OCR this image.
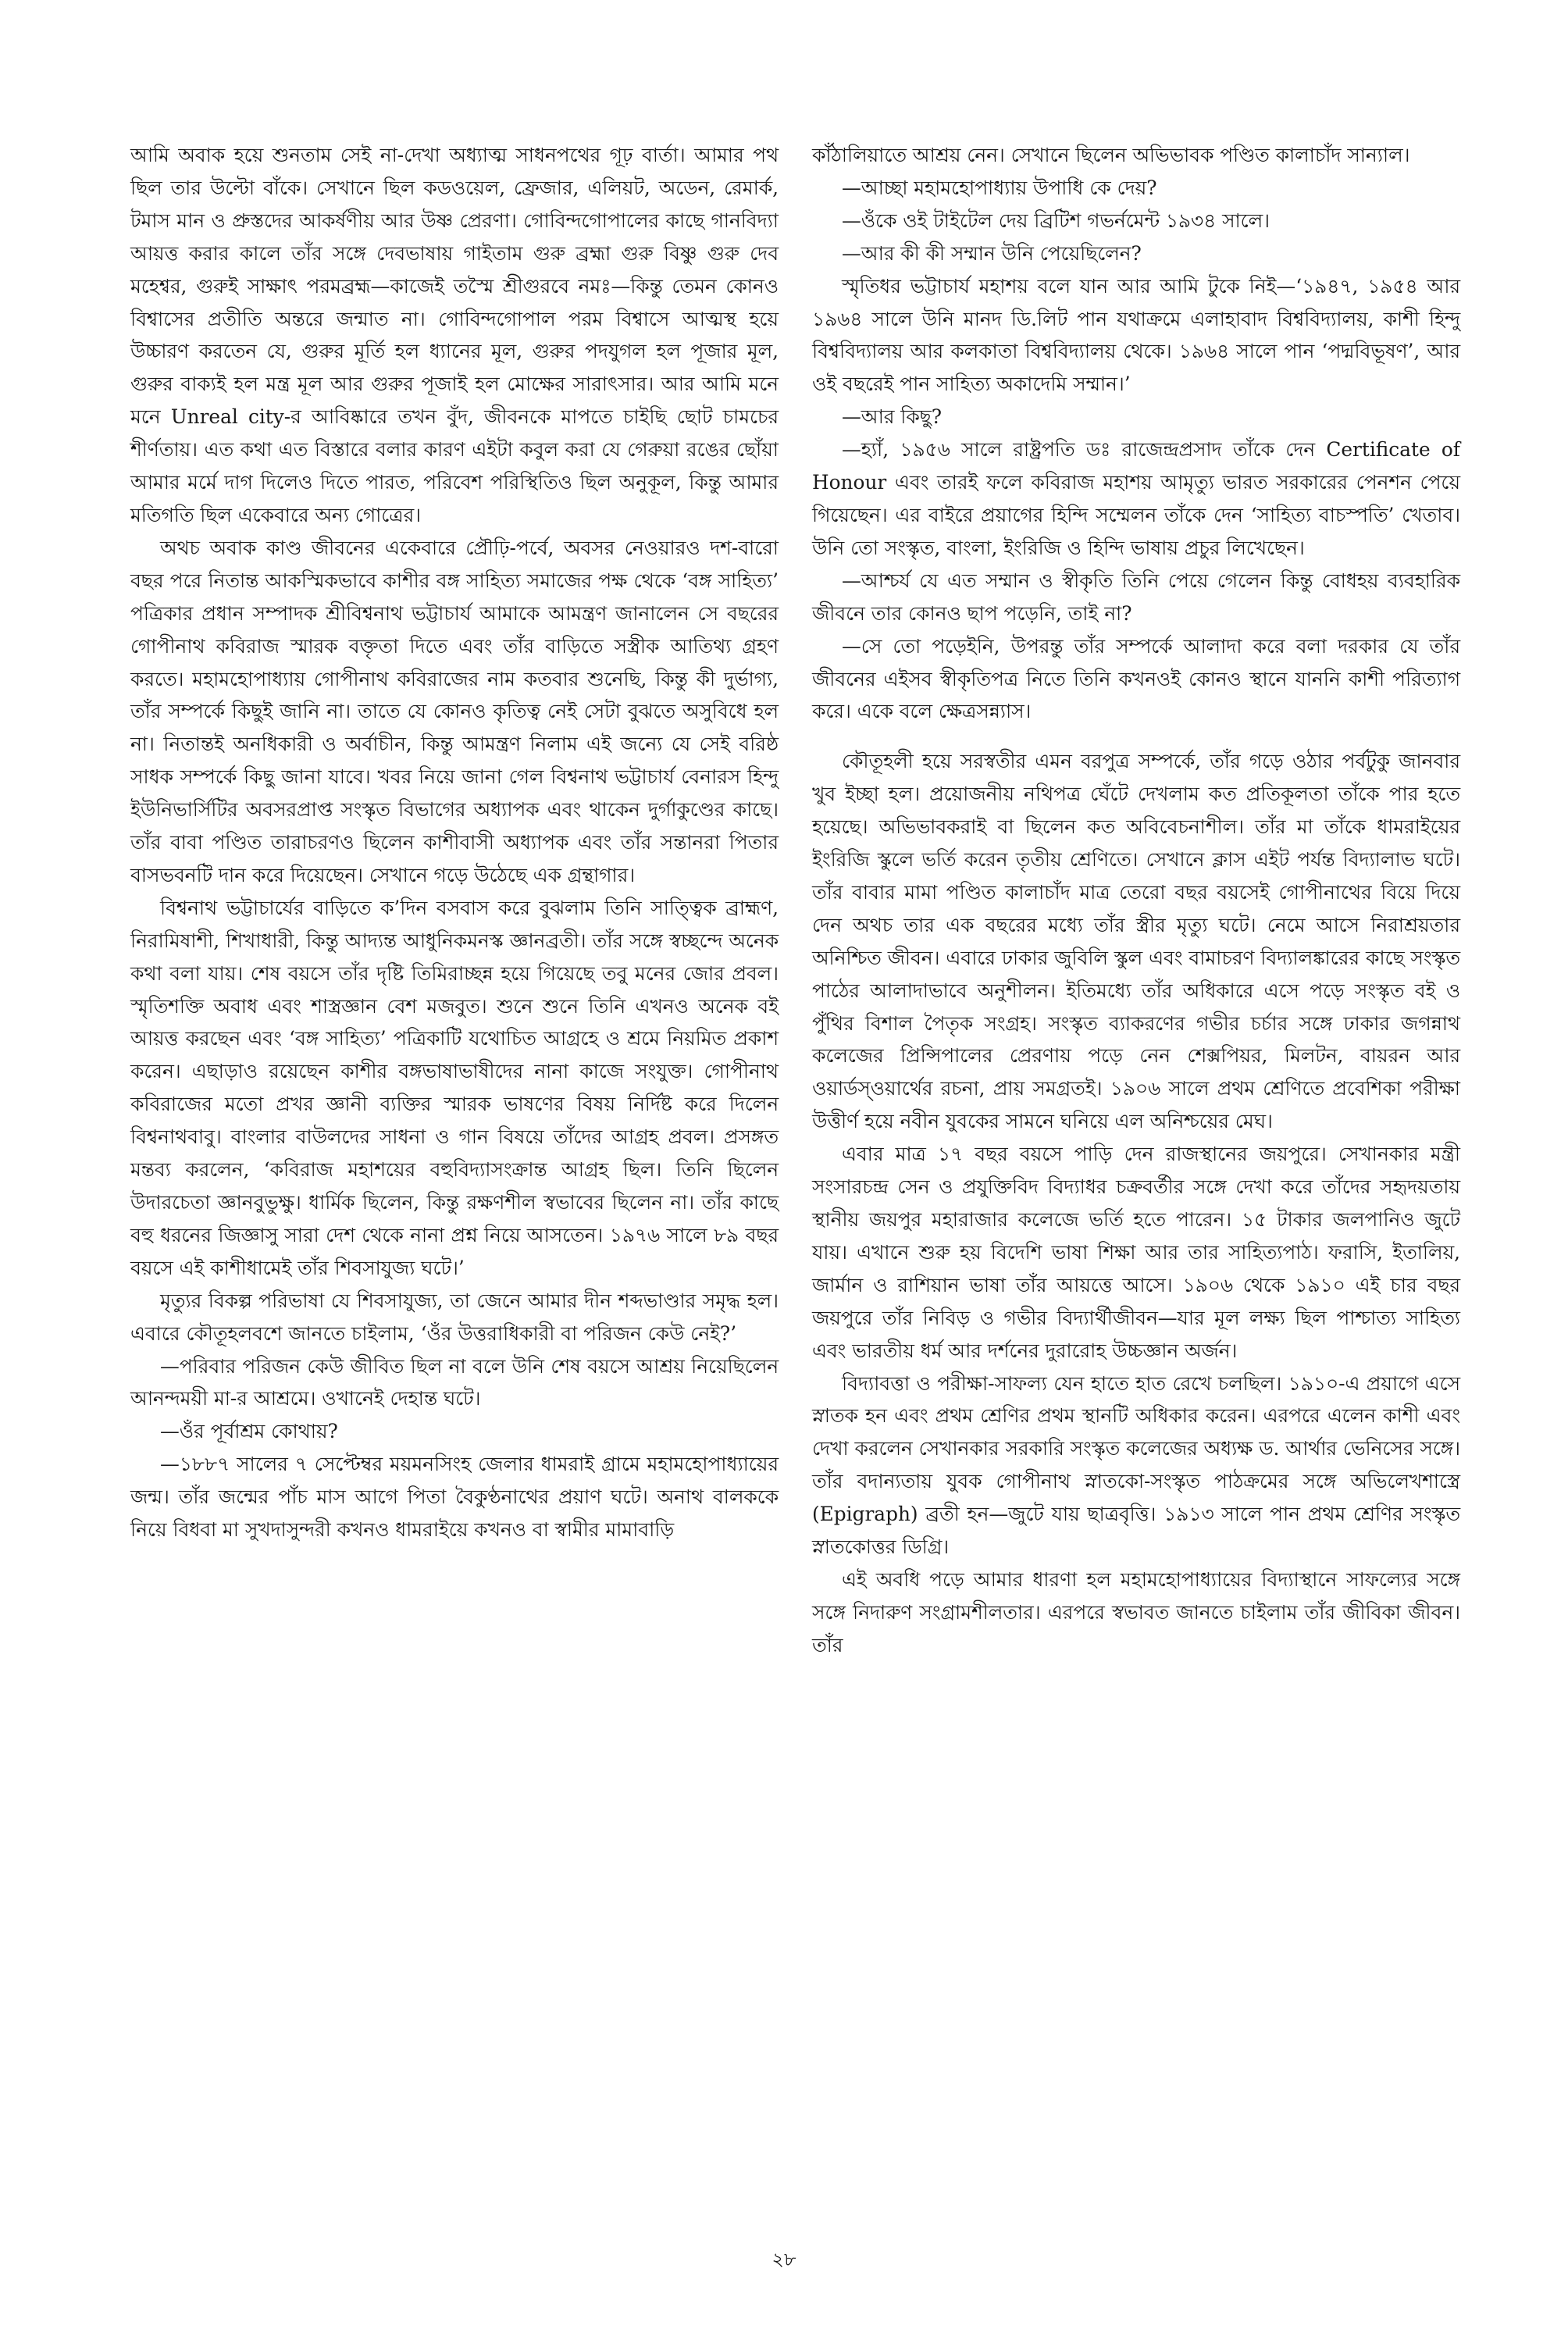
আমি অবাক হয়ে শুনতাম সেই না-দেখা অধ্যাত্ম সাধনপথের গূঢ় বার্তা। আমার পথ ছিল তার উল্টো বাঁকে। সেখানে ছিল কডওয়েল, ফ্রেজার, এলিয়ট, অডেন, রেমার্ক, টমাস মান ও প্রুস্তদের আকর্ষণীয় আর উষ্ণ প্রেরণা। গোবিন্দগোপালের কাছে গানবিদ্যা আয়ত্ত করার কালে তাঁর সঙ্গে দেবভাষায় গাইতাম গুরু ব্রহ্মা গুরু বিষ্ণু গুরু দেব মহেশ্বর, গুরুই সাক্ষাৎ পরমব্রহ্ম—কাজেই তস্মৈ শ্রীগুরবে নমঃ—কিন্তু তেমন কোনও বিশ্বাসের প্রতীতি অন্তরে জন্মাত না। গোবিন্দগোপাল পরম বিশ্বাসে আত্মস্থ হয়ে উচ্চারণ করতেন যে, গুরুর মূর্তি হল ধ্যানের মূল, গুরুর পদযুগল হল পূজার মূল, গুরুর বাক্যই হল মন্ত্র মূল আর গুরুর পূজাই হল মোক্ষের সারাৎসার। আর আমি মনে মনে Unreal city-র আবিষ্কারে তখন বুঁদ, জীবনকে মাপতে চাইছি ছোট চামচের শীর্ণতায়। এত কথা এত বিস্তারে বলার কারণ এইটা কবুল করা যে গেরুয়া রঙের ছোঁয়া আমার মর্মে দাগ দিলেও দিতে পারত, পরিবেশ পরিস্থিতিও ছিল অনুকূল, কিন্তু আমার মতিগতি ছিল একেবারে অন্য গোত্রের।

অথচ অবাক কাণ্ড জীবনের একেবারে প্রৌঢ়ি-পর্বে, অবসর নেওয়ারও দশ-বারো বছর পরে নিতান্ত আকস্মিকভাবে কাশীর বঙ্গ সাহিত্য সমাজের পক্ষ থেকে ‘বঙ্গ সাহিত্য’ পত্রিকার প্রধান সম্পাদক শ্রীবিশ্বনাথ ভট্টাচার্য আমাকে আমন্ত্রণ জানালেন সে বছরের গোপীনাথ কবিরাজ স্মারক বক্তৃতা দিতে এবং তাঁর বাড়িতে সস্ত্রীক আতিথ্য গ্রহণ করতে। মহামহোপাধ্যায় গোপীনাথ কবিরাজের নাম কতবার শুনেছি, কিন্তু কী দুর্ভাগ্য, তাঁর সম্পর্কে কিছুই জানি না। তাতে যে কোনও কৃতিত্ব নেই সেটা বুঝতে অসুবিধে হল না। নিতান্তই অনধিকারী ও অর্বাচীন, কিন্তু আমন্ত্রণ নিলাম এই জন্যে যে সেই বরিষ্ঠ সাধক সম্পর্কে কিছু জানা যাবে। খবর নিয়ে জানা গেল বিশ্বনাথ ভট্টাচার্য বেনারস হিন্দু ইউনিভার্সিটির অবসরপ্রাপ্ত সংস্কৃত বিভাগের অধ্যাপক এবং থাকেন দুর্গাকুণ্ডের কাছে। তাঁর বাবা পণ্ডিত তারাচরণও ছিলেন কাশীবাসী অধ্যাপক এবং তাঁর সন্তানরা পিতার বাসভবনটি দান করে দিয়েছেন। সেখানে গড়ে উঠেছে এক গ্রন্থাগার।

বিশ্বনাথ ভট্টাচার্যের বাড়িতে ক’দিন বসবাস করে বুঝলাম তিনি সাত্ত্বিক ব্রাহ্মণ, নিরামিষাশী, শিখাধারী, কিন্তু আদ্যন্ত আধুনিকমনস্ক জ্ঞানব্রতী। তাঁর সঙ্গে স্বচ্ছন্দে অনেক কথা বলা যায়। শেষ বয়সে তাঁর দৃষ্টি তিমিরাচ্ছন্ন হয়ে গিয়েছে তবু মনের জোর প্রবল। স্মৃতিশক্তি অবাধ এবং শাস্ত্রজ্ঞান বেশ মজবুত। শুনে শুনে তিনি এখনও অনেক বই আয়ত্ত করছেন এবং ‘বঙ্গ সাহিত্য’ পত্রিকাটি যথোচিত আগ্রহে ও শ্রমে নিয়মিত প্রকাশ করেন। এছাড়াও রয়েছেন কাশীর বঙ্গভাষাভাষীদের নানা কাজে সংযুক্ত। গোপীনাথ কবিরাজের মতো প্রখর জ্ঞানী ব্যক্তির স্মারক ভাষণের বিষয় নির্দিষ্ট করে দিলেন বিশ্বনাথবাবু। বাংলার বাউলদের সাধনা ও গান বিষয়ে তাঁদের আগ্রহ প্রবল। প্রসঙ্গত মন্তব্য করলেন, ‘কবিরাজ মহাশয়ের বহুবিদ্যাসংক্রান্ত আগ্রহ ছিল। তিনি ছিলেন উদারচেতা জ্ঞানবুভুক্ষু। ধার্মিক ছিলেন, কিন্তু রক্ষণশীল স্বভাবের ছিলেন না। তাঁর কাছে বহু ধরনের জিজ্ঞাসু সারা দেশ থেকে নানা প্রশ্ন নিয়ে আসতেন। ১৯৭৬ সালে ৮৯ বছর বয়সে এই কাশীধামেই তাঁর শিবসাযুজ্য ঘটে।’

মৃত্যুর বিকল্প পরিভাষা যে শিবসাযুজ্য, তা জেনে আমার দীন শব্দভাণ্ডার সমৃদ্ধ হল। এবারে কৌতূহলবশে জানতে চাইলাম, ‘ওঁর উত্তরাধিকারী বা পরিজন কেউ নেই?’

—পরিবার পরিজন কেউ জীবিত ছিল না বলে উনি শেষ বয়সে আশ্রয় নিয়েছিলেন আনন্দময়ী মা-র আশ্রমে। ওখানেই দেহান্ত ঘটে।

—ওঁর পূর্বাশ্রম কোথায়?

—১৮৮৭ সালের ৭ সেপ্টেম্বর ময়মনসিংহ জেলার ধামরাই গ্রামে মহামহোপাধ্যায়ের জন্ম। তাঁর জন্মের পাঁচ মাস আগে পিতা বৈকুণ্ঠনাথের প্রয়াণ ঘটে। অনাথ বালককে নিয়ে বিধবা মা সুখদাসুন্দরী কখনও ধামরাইয়ে কখনও বা স্বামীর মামাবাড়ি

কাঁঠালিয়াতে আশ্রয় নেন। সেখানে ছিলেন অভিভাবক পণ্ডিত কালাচাঁদ সান্যাল।

—আচ্ছা মহামহোপাধ্যায় উপাধি কে দেয়?

—ওঁকে ওই টাইটেল দেয় ব্রিটিশ গভর্নমেন্ট ১৯৩৪ সালে।

—আর কী কী সম্মান উনি পেয়েছিলেন?

স্মৃতিধর ভট্টাচার্য মহাশয় বলে যান আর আমি টুকে নিই—‘১৯৪৭, ১৯৫৪ আর ১৯৬৪ সালে উনি মানদ ডি.লিট পান যথাক্রমে এলাহাবাদ বিশ্ববিদ্যালয়, কাশী হিন্দু বিশ্ববিদ্যালয় আর কলকাতা বিশ্ববিদ্যালয় থেকে। ১৯৬৪ সালে পান ‘পদ্মবিভূষণ’, আর ওই বছরেই পান সাহিত্য অকাদেমি সম্মান।’

—আর কিছু?

—হ্যাঁ, ১৯৫৬ সালে রাষ্ট্রপতি ডঃ রাজেন্দ্রপ্রসাদ তাঁকে দেন Certificate of Honour এবং তারই ফলে কবিরাজ মহাশয় আমৃত্যু ভারত সরকারের পেনশন পেয়ে গিয়েছেন। এর বাইরে প্রয়াগের হিন্দি সম্মেলন তাঁকে দেন ‘সাহিত্য বাচস্পতি’ খেতাব। উনি তো সংস্কৃত, বাংলা, ইংরিজি ও হিন্দি ভাষায় প্রচুর লিখেছেন।

—আশ্চর্য যে এত সম্মান ও স্বীকৃতি তিনি পেয়ে গেলেন কিন্তু বোধহয় ব্যবহারিক জীবনে তার কোনও ছাপ পড়েনি, তাই না?

—সে তো পড়েইনি, উপরন্তু তাঁর সম্পর্কে আলাদা করে বলা দরকার যে তাঁর জীবনের এইসব স্বীকৃতিপত্র নিতে তিনি কখনওই কোনও স্থানে যাননি কাশী পরিত্যাগ করে। একে বলে ক্ষেত্রসন্ন্যাস।

কৌতূহলী হয়ে সরস্বতীর এমন বরপুত্র সম্পর্কে, তাঁর গড়ে ওঠার পর্বটুকু জানবার খুব ইচ্ছা হল। প্রয়োজনীয় নথিপত্র ঘেঁটে দেখলাম কত প্রতিকূলতা তাঁকে পার হতে হয়েছে। অভিভাবকরাই বা ছিলেন কত অবিবেচনাশীল। তাঁর মা তাঁকে ধামরাইয়ের ইংরিজি স্কুলে ভর্তি করেন তৃতীয় শ্রেণিতে। সেখানে ক্লাস এইট পর্যন্ত বিদ্যালাভ ঘটে। তাঁর বাবার মামা পণ্ডিত কালাচাঁদ মাত্র তেরো বছর বয়সেই গোপীনাথের বিয়ে দিয়ে দেন অথচ তার এক বছরের মধ্যে তাঁর স্ত্রীর মৃত্যু ঘটে। নেমে আসে নিরাশ্রয়তার অনিশ্চিত জীবন। এবারে ঢাকার জুবিলি স্কুল এবং বামাচরণ বিদ্যালঙ্কারের কাছে সংস্কৃত পাঠের আলাদাভাবে অনুশীলন। ইতিমধ্যে তাঁর অধিকারে এসে পড়ে সংস্কৃত বই ও পুঁথির বিশাল পৈতৃক সংগ্রহ। সংস্কৃত ব্যাকরণের গভীর চর্চার সঙ্গে ঢাকার জগন্নাথ কলেজের প্রিন্সিপালের প্রেরণায় পড়ে নেন শেক্সপিয়র, মিলটন, বায়রন আর ওয়ার্ডস্ওয়ার্থের রচনা, প্রায় সমগ্রতই। ১৯০৬ সালে প্রথম শ্রেণিতে প্রবেশিকা পরীক্ষা উত্তীর্ণ হয়ে নবীন যুবকের সামনে ঘনিয়ে এল অনিশ্চয়ের মেঘ।

এবার মাত্র ১৭ বছর বয়সে পাড়ি দেন রাজস্থানের জয়পুরে। সেখানকার মন্ত্রী সংসারচন্দ্র সেন ও প্রযুক্তিবিদ বিদ্যাধর চক্রবর্তীর সঙ্গে দেখা করে তাঁদের সহৃদয়তায় স্থানীয় জয়পুর মহারাজার কলেজে ভর্তি হতে পারেন। ১৫ টাকার জলপানিও জুটে যায়। এখানে শুরু হয় বিদেশি ভাষা শিক্ষা আর তার সাহিত্যপাঠ। ফরাসি, ইতালিয়, জার্মান ও রাশিয়ান ভাষা তাঁর আয়ত্তে আসে। ১৯০৬ থেকে ১৯১০ এই চার বছর জয়পুরে তাঁর নিবিড় ও গভীর বিদ্যার্থীজীবন—যার মূল লক্ষ্য ছিল পাশ্চাত্য সাহিত্য এবং ভারতীয় ধর্ম আর দর্শনের দুরারোহ উচ্চজ্ঞান অর্জন।

বিদ্যাবত্তা ও পরীক্ষা-সাফল্য যেন হাতে হাত রেখে চলছিল। ১৯১০-এ প্রয়াগে এসে স্নাতক হন এবং প্রথম শ্রেণির প্রথম স্থানটি অধিকার করেন। এরপরে এলেন কাশী এবং দেখা করলেন সেখানকার সরকারি সংস্কৃত কলেজের অধ্যক্ষ ড. আর্থার ভেনিসের সঙ্গে। তাঁর বদান্যতায় যুবক গোপীনাথ স্নাতকো-সংস্কৃত পাঠক্রমের সঙ্গে অভিলেখশাস্ত্রে (Epigraph) ব্রতী হন—জুটে যায় ছাত্রবৃত্তি। ১৯১৩ সালে পান প্রথম শ্রেণির সংস্কৃত স্নাতকোত্তর ডিগ্রি।

এই অবধি পড়ে আমার ধারণা হল মহামহোপাধ্যায়ের বিদ্যাস্থানে সাফল্যের সঙ্গে সঙ্গে নিদারুণ সংগ্রামশীলতার। এরপরে স্বভাবত জানতে চাইলাম তাঁর জীবিকা জীবন। তাঁর

২৮
